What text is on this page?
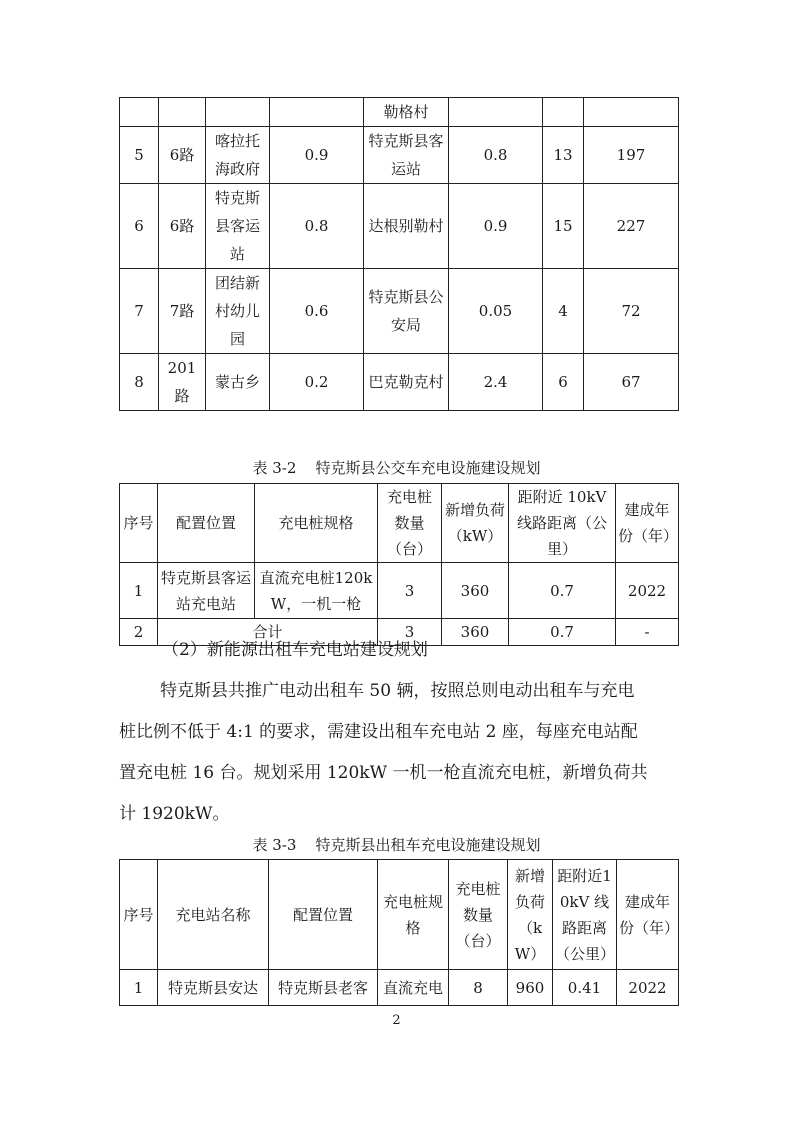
				勒格村			
5	6路	喀拉托海政府	0.9	特克斯县客运站	0.8	13	197
6	6路	特克斯县客运站	0.8	达根别勒村	0.9	15	227
7	7路	团结新村幼儿园	0.6	特克斯县公安局	0.05	4	72
8	201路	蒙古乡	0.2	巴克勒克村	2.4	6	67
表 3-2 特克斯县公交车充电设施建设规划
序号	配置位置	充电桩规格	充电桩数量（台）	新增负荷（kW）	距附近 10kV 线路距离（公里）	建成年份（年）
1	特克斯县客运站充电站	直流充电桩120kW，一机一枪	3	360	0.7	2022
2	合计		3	360	0.7	-
（2）新能源出租车充电站建设规划
特克斯县共推广电动出租车 50 辆，按照总则电动出租车与充电
桩比例不低于 4:1 的要求，需建设出租车充电站 2 座，每座充电站配
置充电桩 16 台。规划采用 120kW 一机一枪直流充电桩，新增负荷共
计 1920kW。
表 3-3 特克斯县出租车充电设施建设规划
序号	充电站名称	配置位置	充电桩规格	充电桩数量（台）	新增负荷（kW）	距附近10kV 线路距离（公里）	建成年份（年）
1	特克斯县安达	特克斯县老客	直流充电	8	960	0.41	2022
2
